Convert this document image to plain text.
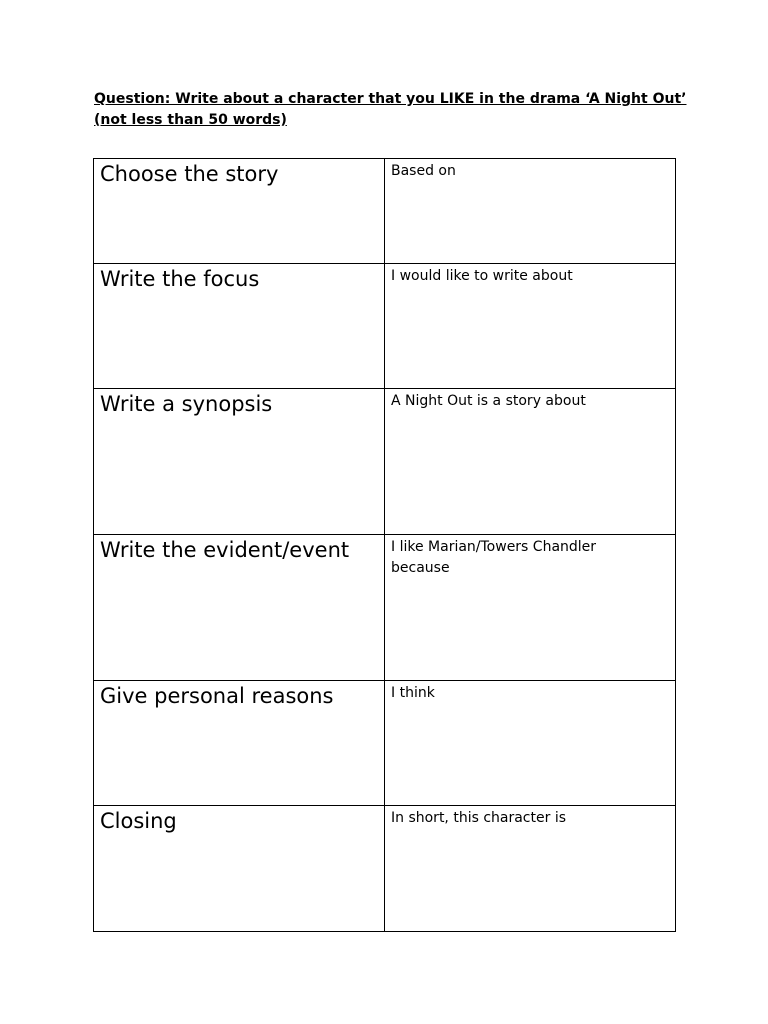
Question: Write about a character that you LIKE in the drama ‘A Night Out’
(not less than 50 words)

Choose the story	Based on

Write the focus	I would like to write about

Write a synopsis	A Night Out is a story about

Write the evident/event	I like Marian/Towers Chandler because

Give personal reasons	I think

Closing	In short, this character is
